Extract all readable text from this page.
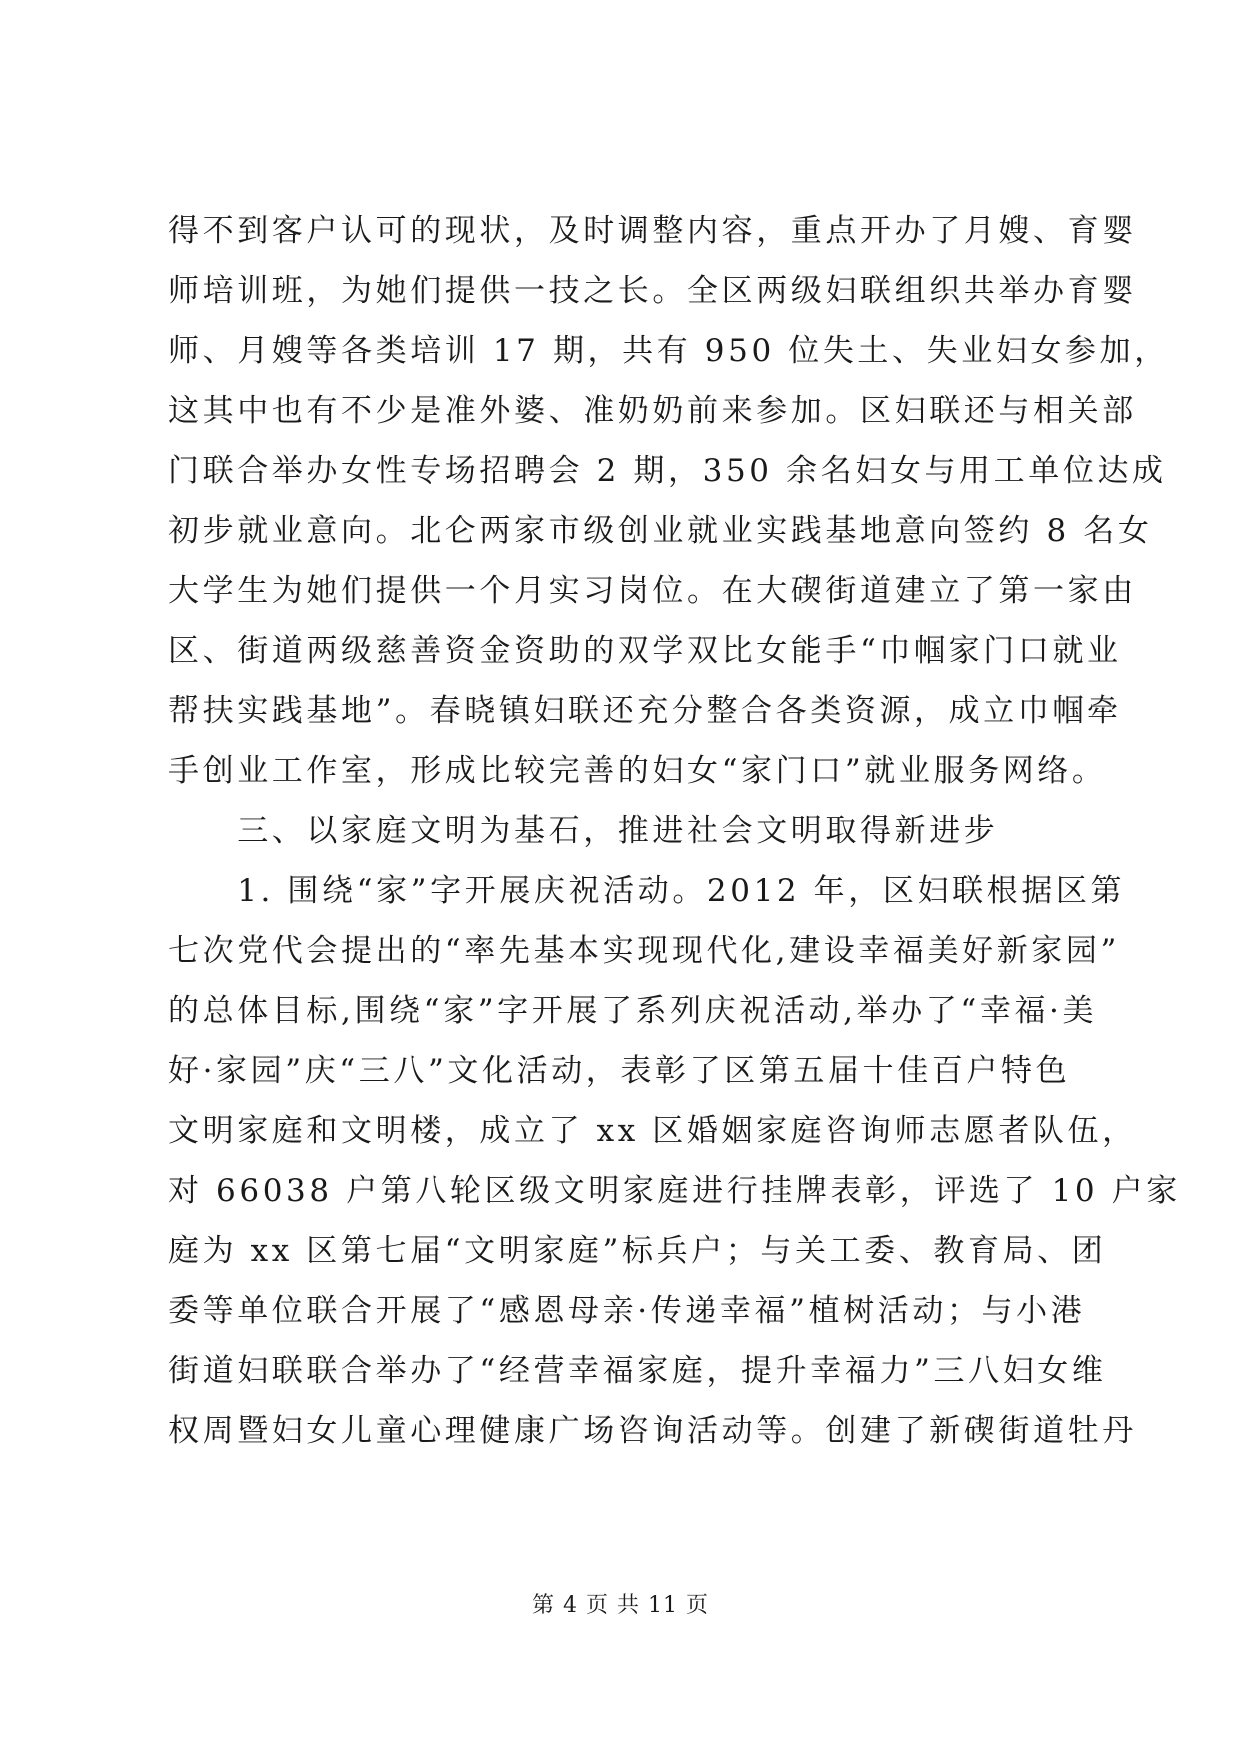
得不到客户认可的现状，及时调整内容，重点开办了月嫂、育婴
师培训班，为她们提供一技之长。全区两级妇联组织共举办育婴
师、月嫂等各类培训 17 期，共有 950 位失土、失业妇女参加，
这其中也有不少是准外婆、准奶奶前来参加。区妇联还与相关部
门联合举办女性专场招聘会 2 期，350 余名妇女与用工单位达成
初步就业意向。北仑两家市级创业就业实践基地意向签约 8 名女
大学生为她们提供一个月实习岗位。在大碶街道建立了第一家由
区、街道两级慈善资金资助的双学双比女能手“巾帼家门口就业
帮扶实践基地”。春晓镇妇联还充分整合各类资源，成立巾帼牵
手创业工作室，形成比较完善的妇女“家门口”就业服务网络。
　　三、以家庭文明为基石，推进社会文明取得新进步
　　1. 围绕“家”字开展庆祝活动。2012 年，区妇联根据区第
七次党代会提出的“率先基本实现现代化,建设幸福美好新家园”
的总体目标,围绕“家”字开展了系列庆祝活动,举办了“幸福·美
好·家园”庆“三八”文化活动，表彰了区第五届十佳百户特色
文明家庭和文明楼，成立了 xx 区婚姻家庭咨询师志愿者队伍，
对 66038 户第八轮区级文明家庭进行挂牌表彰，评选了 10 户家
庭为 xx 区第七届“文明家庭”标兵户；与关工委、教育局、团
委等单位联合开展了“感恩母亲·传递幸福”植树活动；与小港
街道妇联联合举办了“经营幸福家庭，提升幸福力”三八妇女维
权周暨妇女儿童心理健康广场咨询活动等。创建了新碶街道牡丹
第 4 页 共 11 页
